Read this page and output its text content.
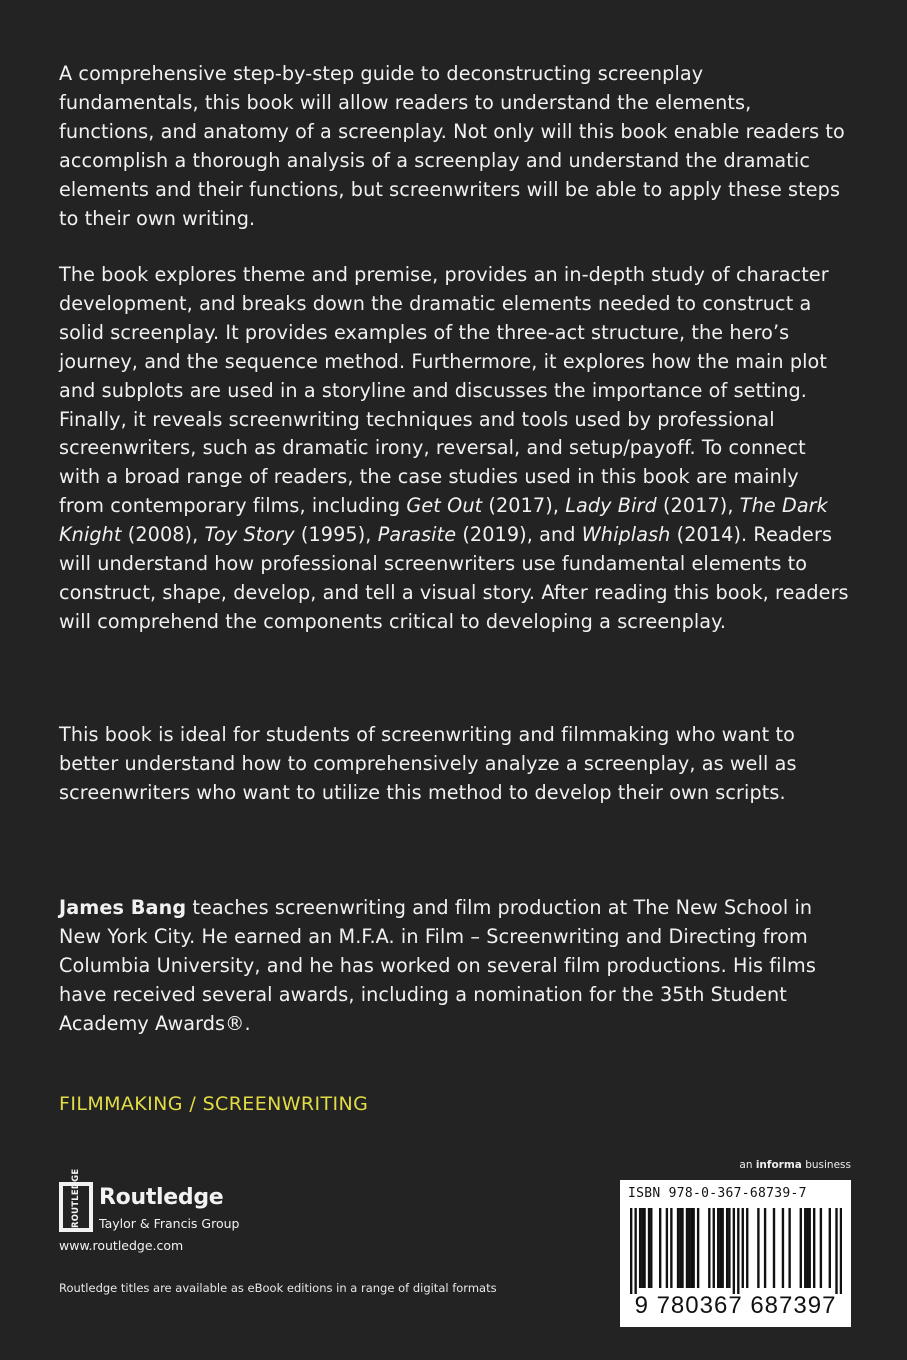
A comprehensive step-by-step guide to deconstructing screenplay fundamentals, this book will allow readers to understand the elements, functions, and anatomy of a screenplay. Not only will this book enable readers to accomplish a thorough analysis of a screenplay and understand the dramatic elements and their functions, but screenwriters will be able to apply these steps to their own writing.

The book explores theme and premise, provides an in-depth study of character development, and breaks down the dramatic elements needed to construct a solid screenplay. It provides examples of the three-act structure, the hero’s journey, and the sequence method. Furthermore, it explores how the main plot and subplots are used in a storyline and discusses the importance of setting. Finally, it reveals screenwriting techniques and tools used by professional screenwriters, such as dramatic irony, reversal, and setup/payoff. To connect with a broad range of readers, the case studies used in this book are mainly from contemporary films, including Get Out (2017), Lady Bird (2017), The Dark Knight (2008), Toy Story (1995), Parasite (2019), and Whiplash (2014). Readers will understand how professional screenwriters use fundamental elements to construct, shape, develop, and tell a visual story. After reading this book, readers will comprehend the components critical to developing a screenplay.

This book is ideal for students of screenwriting and filmmaking who want to better understand how to comprehensively analyze a screenplay, as well as screenwriters who want to utilize this method to develop their own scripts.

James Bang teaches screenwriting and film production at The New School in New York City. He earned an M.F.A. in Film – Screenwriting and Directing from Columbia University, and he has worked on several film productions. His films have received several awards, including a nomination for the 35th Student Academy Awards®.

FILMMAKING / SCREENWRITING
an informa business
ROUTLEDGE Routledge
Taylor & Francis Group
www.routledge.com
Routledge titles are available as eBook editions in a range of digital formats
ISBN 978-0-367-68739-7
9 780367 687397
